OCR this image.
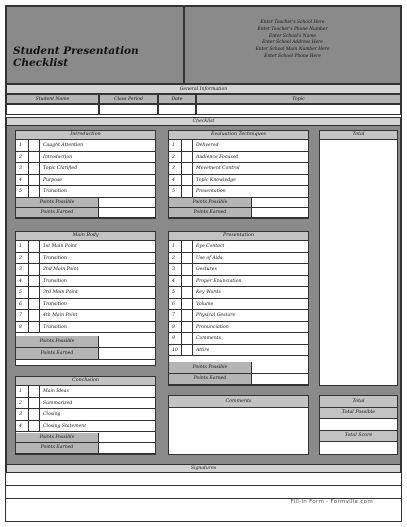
Student Presentation Checklist
Enter Teacher's School Here
Enter Teacher's Phone Number
Enter School's Name
Enter School Address Here
Enter School Main Number Here
Enter School Phone Here
General Information
Student Name	Class Period	Date	Topic
Checklist
Introduction
1	Caught Attention
2	Introduction
3	Topic Clarified
4	Purpose
5	Transition
Points Possible
Points Earned
Evaluation Techniques
1	Delivered
2	Audience Focused
3	Movement Control
4	Topic Knowledge
5	Presentation
Points Possible
Points Earned
Total
Main Body
1	1st Main Point
2	Transition
3	2nd Main Point
4	Transition
5	3rd Main Point
6	Transition
7	4th Main Point
8	Transition
Points Possible
Points Earned
Presentation
1	Eye Contact
2	Use of Aids
3	Gestures
4	Proper Enunciation
5	Key Words
6	Volume
7	Physical Gesture
8	Pronunciation
9	Comments
10	Attire
Points Possible
Points Earned
Conclusion
1	Main Ideas
2	Summarized
3	Closing
4	Closing Statement
Points Possible
Points Earned
Comments	Total
Total Possible
Total Score
Signatures
Fill-In Form - Formville.com
